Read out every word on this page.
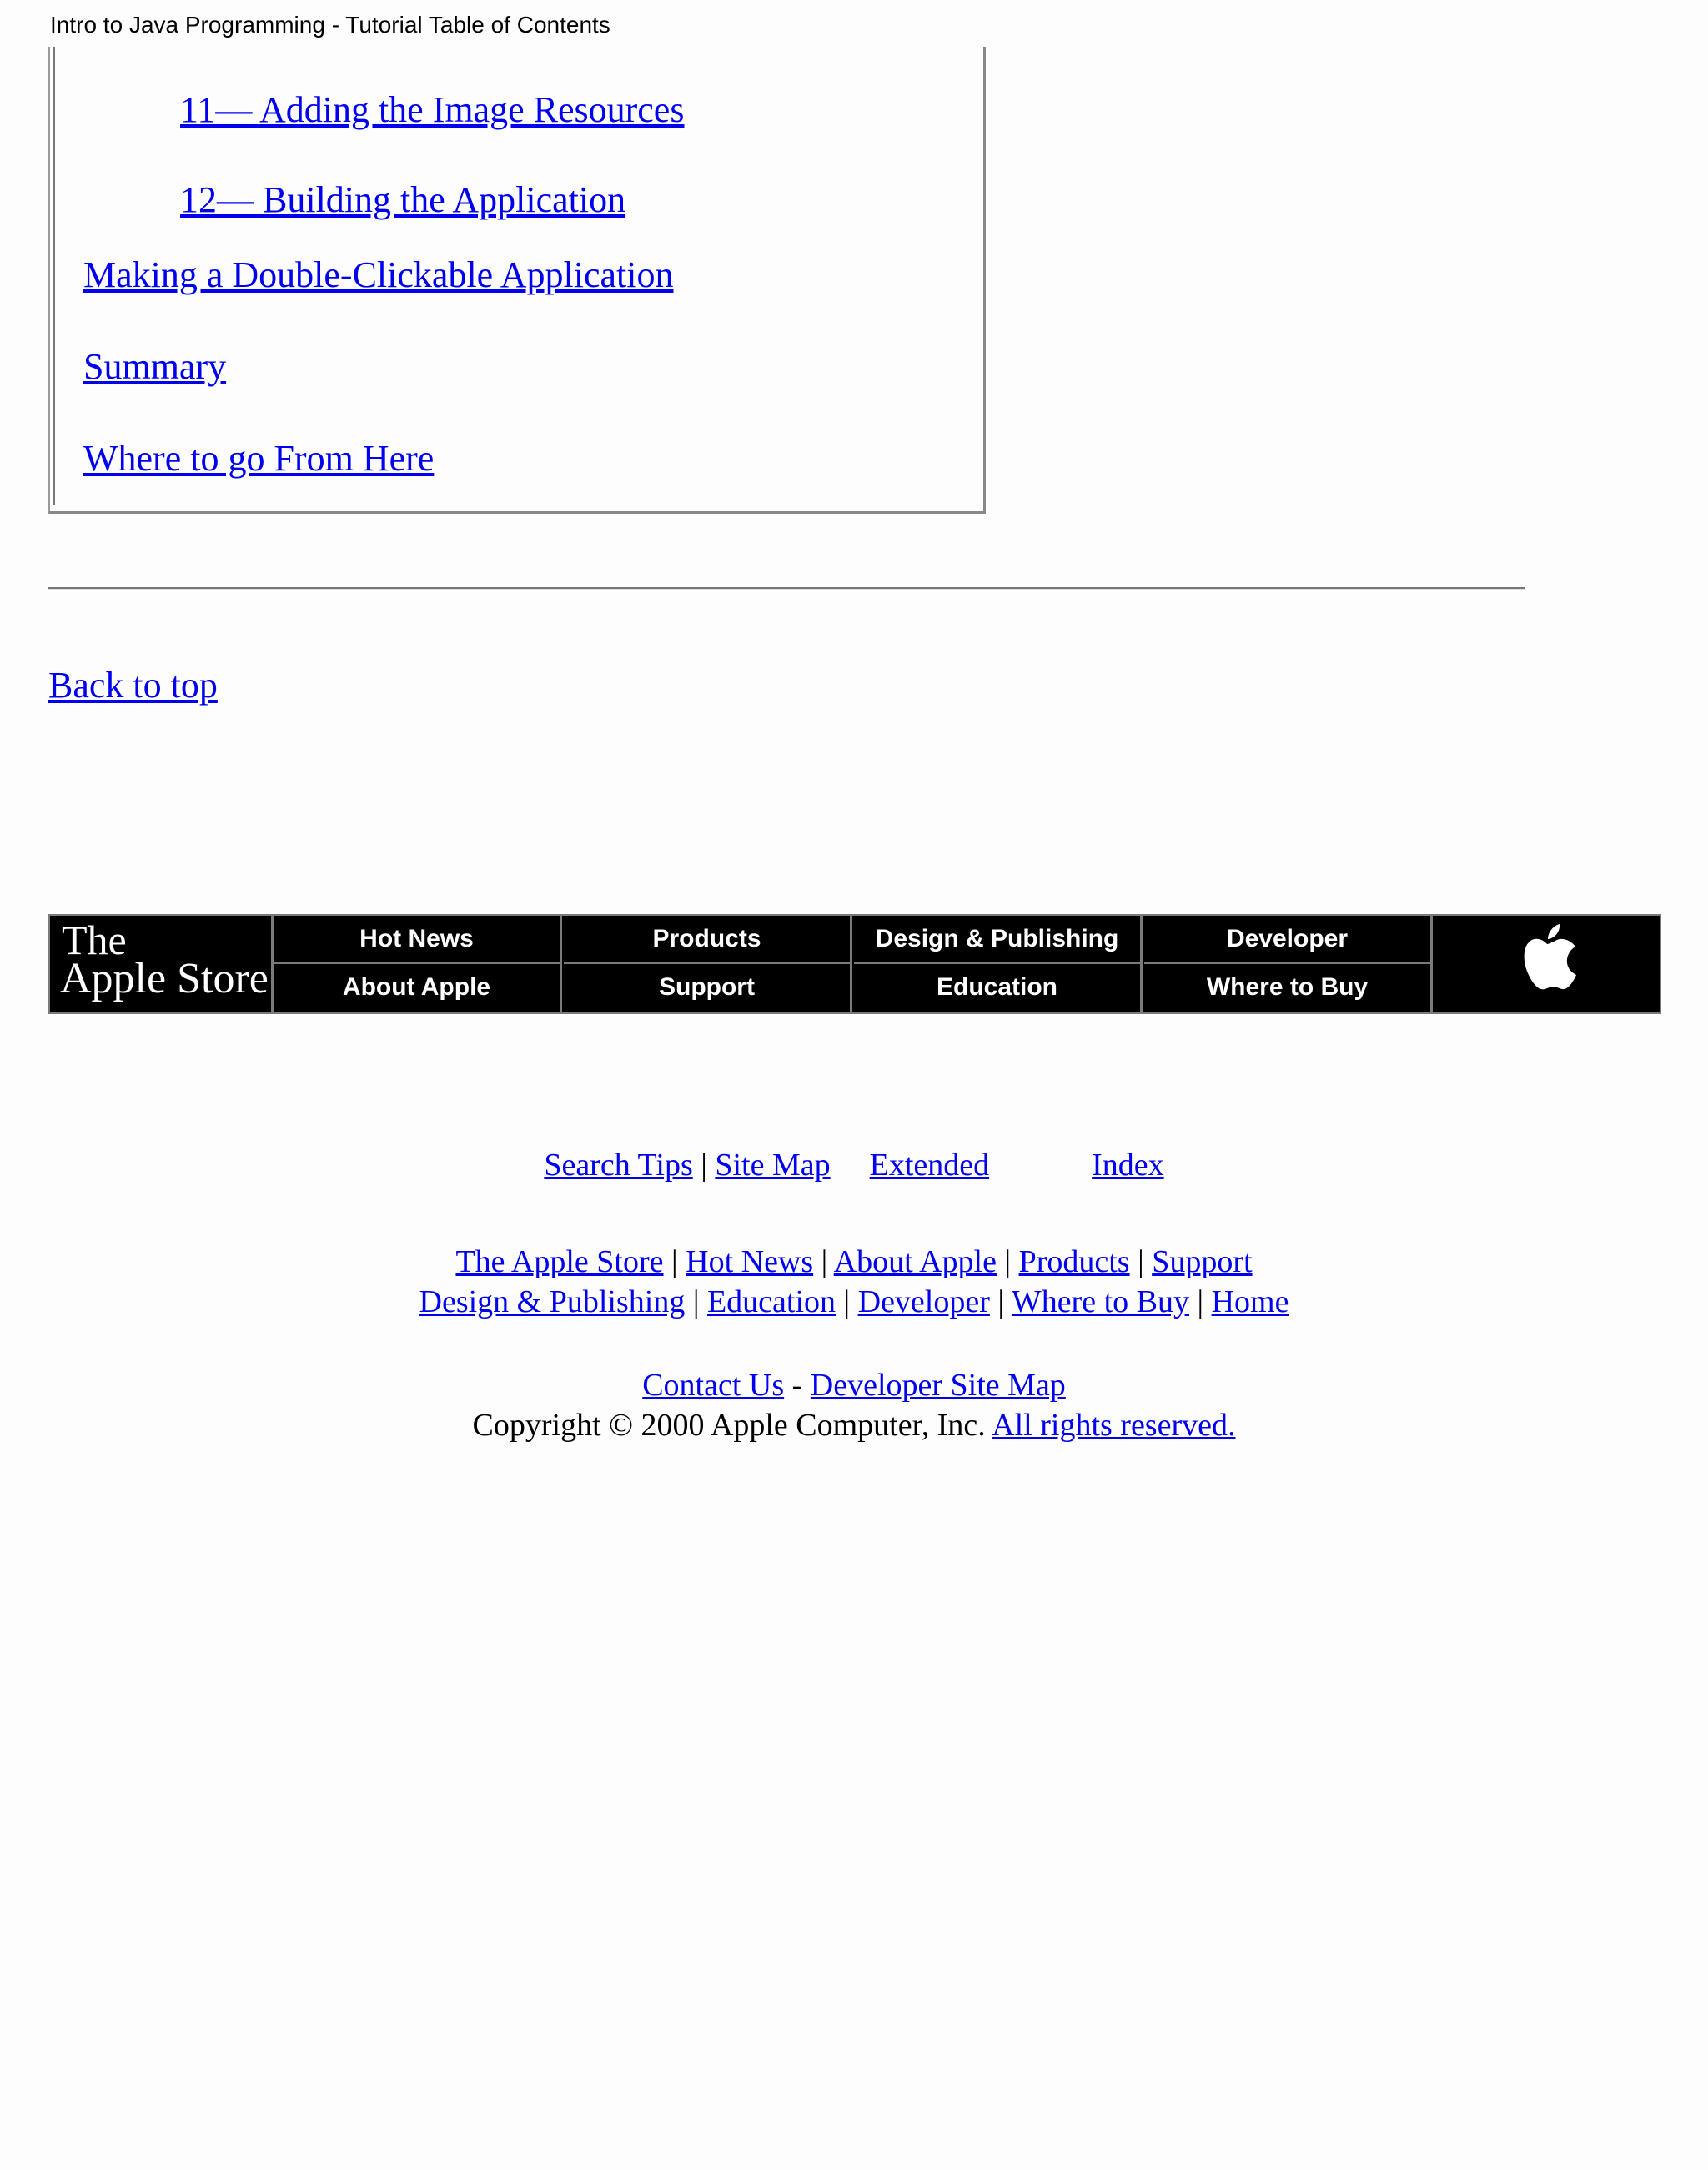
Intro to Java Programming - Tutorial Table of Contents
11— Adding the Image Resources
12— Building the Application
Making a Double-Clickable Application
Summary
Where to go From Here
Back to top
The
Apple Store
Hot News	Products	Design & Publishing	Developer
About Apple	Support	Education	Where to Buy
Search Tips | Site Map Extended	Index
The Apple Store | Hot News | About Apple | Products | Support
Design & Publishing | Education | Developer | Where to Buy | Home
Contact Us - Developer Site Map
Copyright © 2000 Apple Computer, Inc. All rights reserved.
